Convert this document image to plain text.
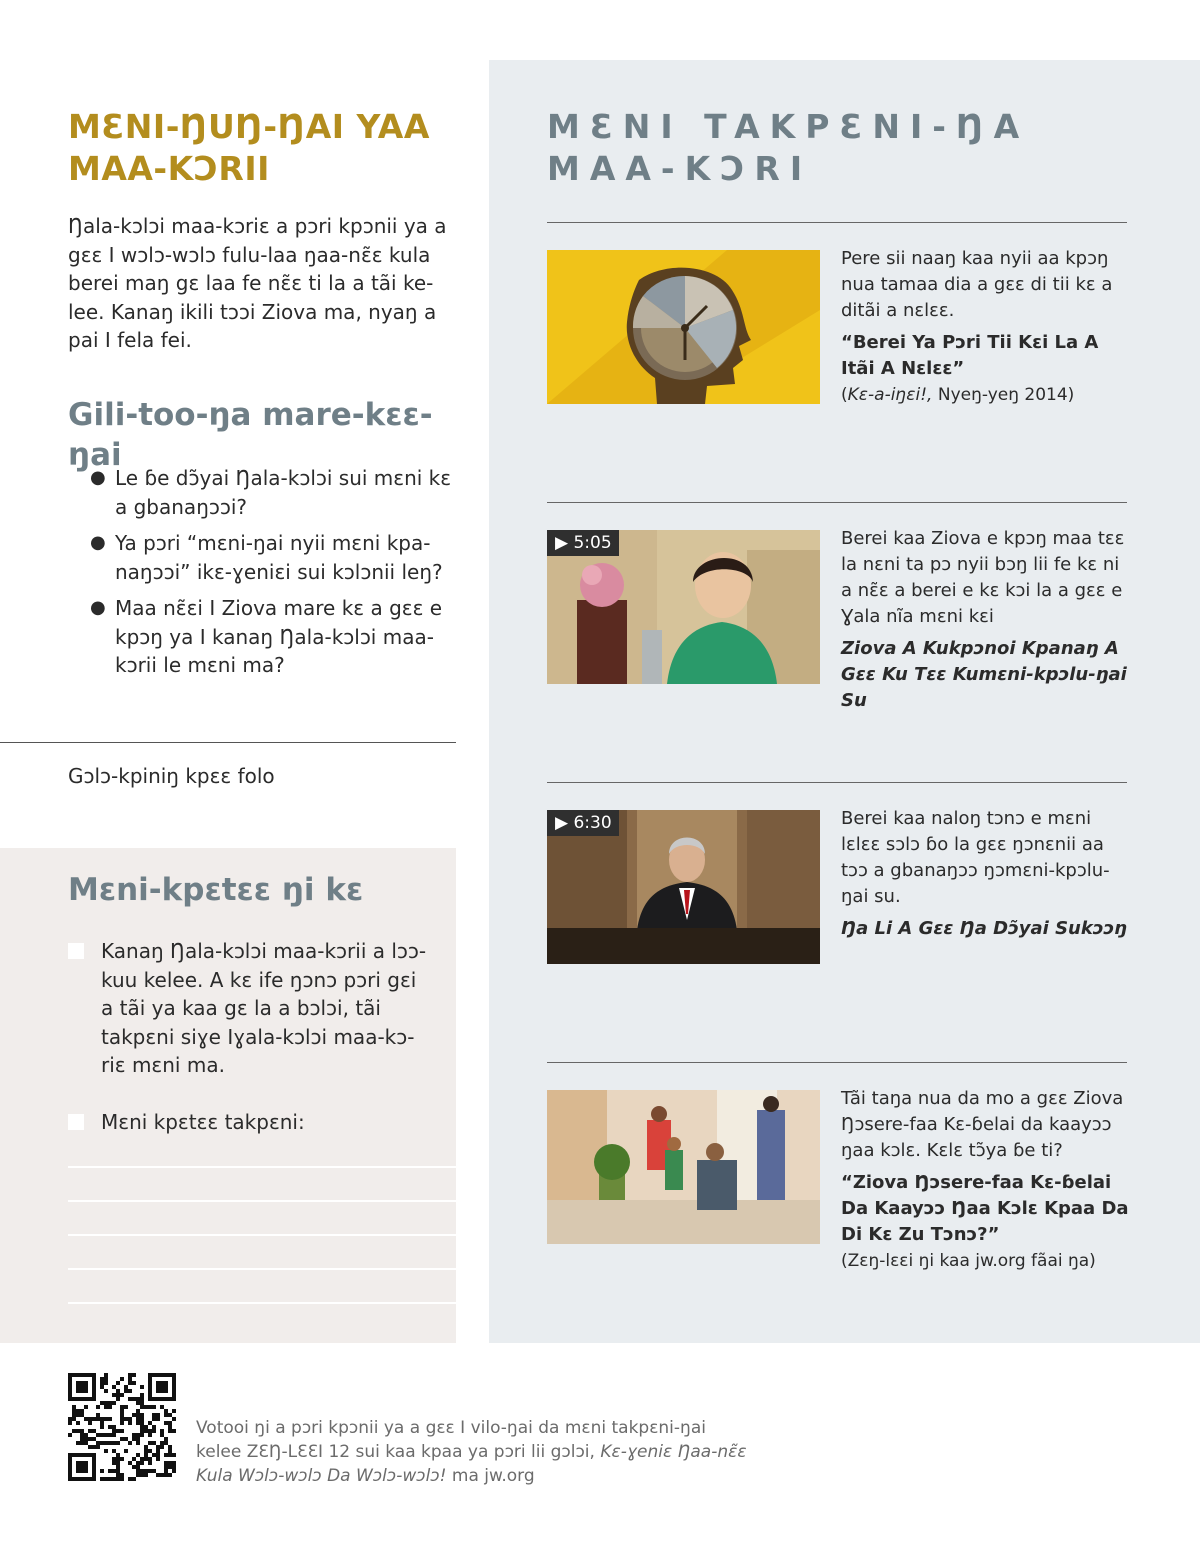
MƐNI-ŊUŊ-ŊAI YAA MAA-KƆRII

Ŋala-kɔlɔi maa-kɔriɛ a pɔri kpɔnii ya a gɛɛ I wɔlɔ-wɔlɔ fulu-laa ŋaa-nɛ̃ɛ kula berei maŋ gɛ laa fe nɛ̃ɛ ti la a tãi ke-lee. Kanaŋ ikili tɔɔi Ziova ma, nyaŋ a pai I fela fei.

Gili-too-ŋa mare-kɛɛ-ŋai
● Le ɓe dɔ̃yai Ŋala-kɔlɔi sui mɛni kɛ a gbanaŋɔɔi?
● Ya pɔri “mɛni-ŋai nyii mɛni kpa-naŋɔɔi” ikɛ-ɣeniɛi sui kɔlɔnii leŋ?
● Maa nɛ̃ɛi I Ziova mare kɛ a gɛɛ e kpɔŋ ya I kanaŋ Ŋala-kɔlɔi maa-kɔrii le mɛni ma?
Gɔlɔ-kpiniŋ kpɛɛ folo
Mɛni-kpɛtɛɛ ŋi kɛ
Kanaŋ Ŋala-kɔlɔi maa-kɔrii a lɔɔ-kuu kelee. A kɛ ife ŋɔnɔ pɔri gɛi a tãi ya kaa gɛ la a bɔlɔi, tãi takpɛni siɣe Iɣala-kɔlɔi maa-kɔ-riɛ mɛni ma.
Mɛni kpɛtɛɛ takpɛni:
MƐNI TAKPƐNI-ŊA MAA-KƆRI
Pere sii naaŋ kaa nyii aa kpɔŋ nua tamaa dia a gɛɛ di tii kɛ a ditãi a nɛlɛɛ.
“Berei Ya Pɔri Tii Kɛi La A Itãi A Nɛlɛɛ”
(Kɛ-a-iŋɛi!, Nyeŋ-yeŋ 2014)
▶ 5:05	Berei kaa Ziova e kpɔŋ maa tɛɛ la nɛni ta pɔ nyii bɔŋ lii fe kɛ ni a nɛ̃ɛ a berei e kɛ kɔi la a gɛɛ e Ɣala nĩa mɛni kɛi
Ziova A Kukpɔnoi Kpanaŋ A Gɛɛ Ku Tɛɛ Kumɛni-kpɔlu-ŋai Su
▶ 6:30	Berei kaa naloŋ tɔnɔ e mɛni lɛlɛɛ sɔlɔ ɓo la gɛɛ ŋɔnɛnii aa tɔɔ a gbanaŋɔɔ ŋɔmɛni-kpɔlu-ŋai su.
Ŋa Li A Gɛɛ Ŋa Dɔ̃yai Sukɔɔŋ
Tãi taŋa nua da mo a gɛɛ Ziova Ŋɔsere-faa Kɛ-ɓelai da kaayɔɔ ŋaa kɔlɛ. Kɛlɛ tɔ̃ya ɓe ti?
“Ziova Ŋɔsere-faa Kɛ-ɓelai Da Kaayɔɔ Ŋaa Kɔlɛ Kpaa Da Di Kɛ Zu Tɔnɔ?”
(Zɛŋ-lɛɛi ŋi kaa jw.org fãai ŋa)
Votooi ŋi a pɔri kpɔnii ya a gɛɛ I vilo-ŋai da mɛni takpɛni-ŋai kelee ZƐŊ-LƐƐI 12 sui kaa kpaa ya pɔri lii gɔlɔi, Kɛ-ɣeniɛ Ŋaa-nɛ̃ɛ Kula Wɔlɔ-wɔlɔ Da Wɔlɔ-wɔlɔ! ma jw.org
